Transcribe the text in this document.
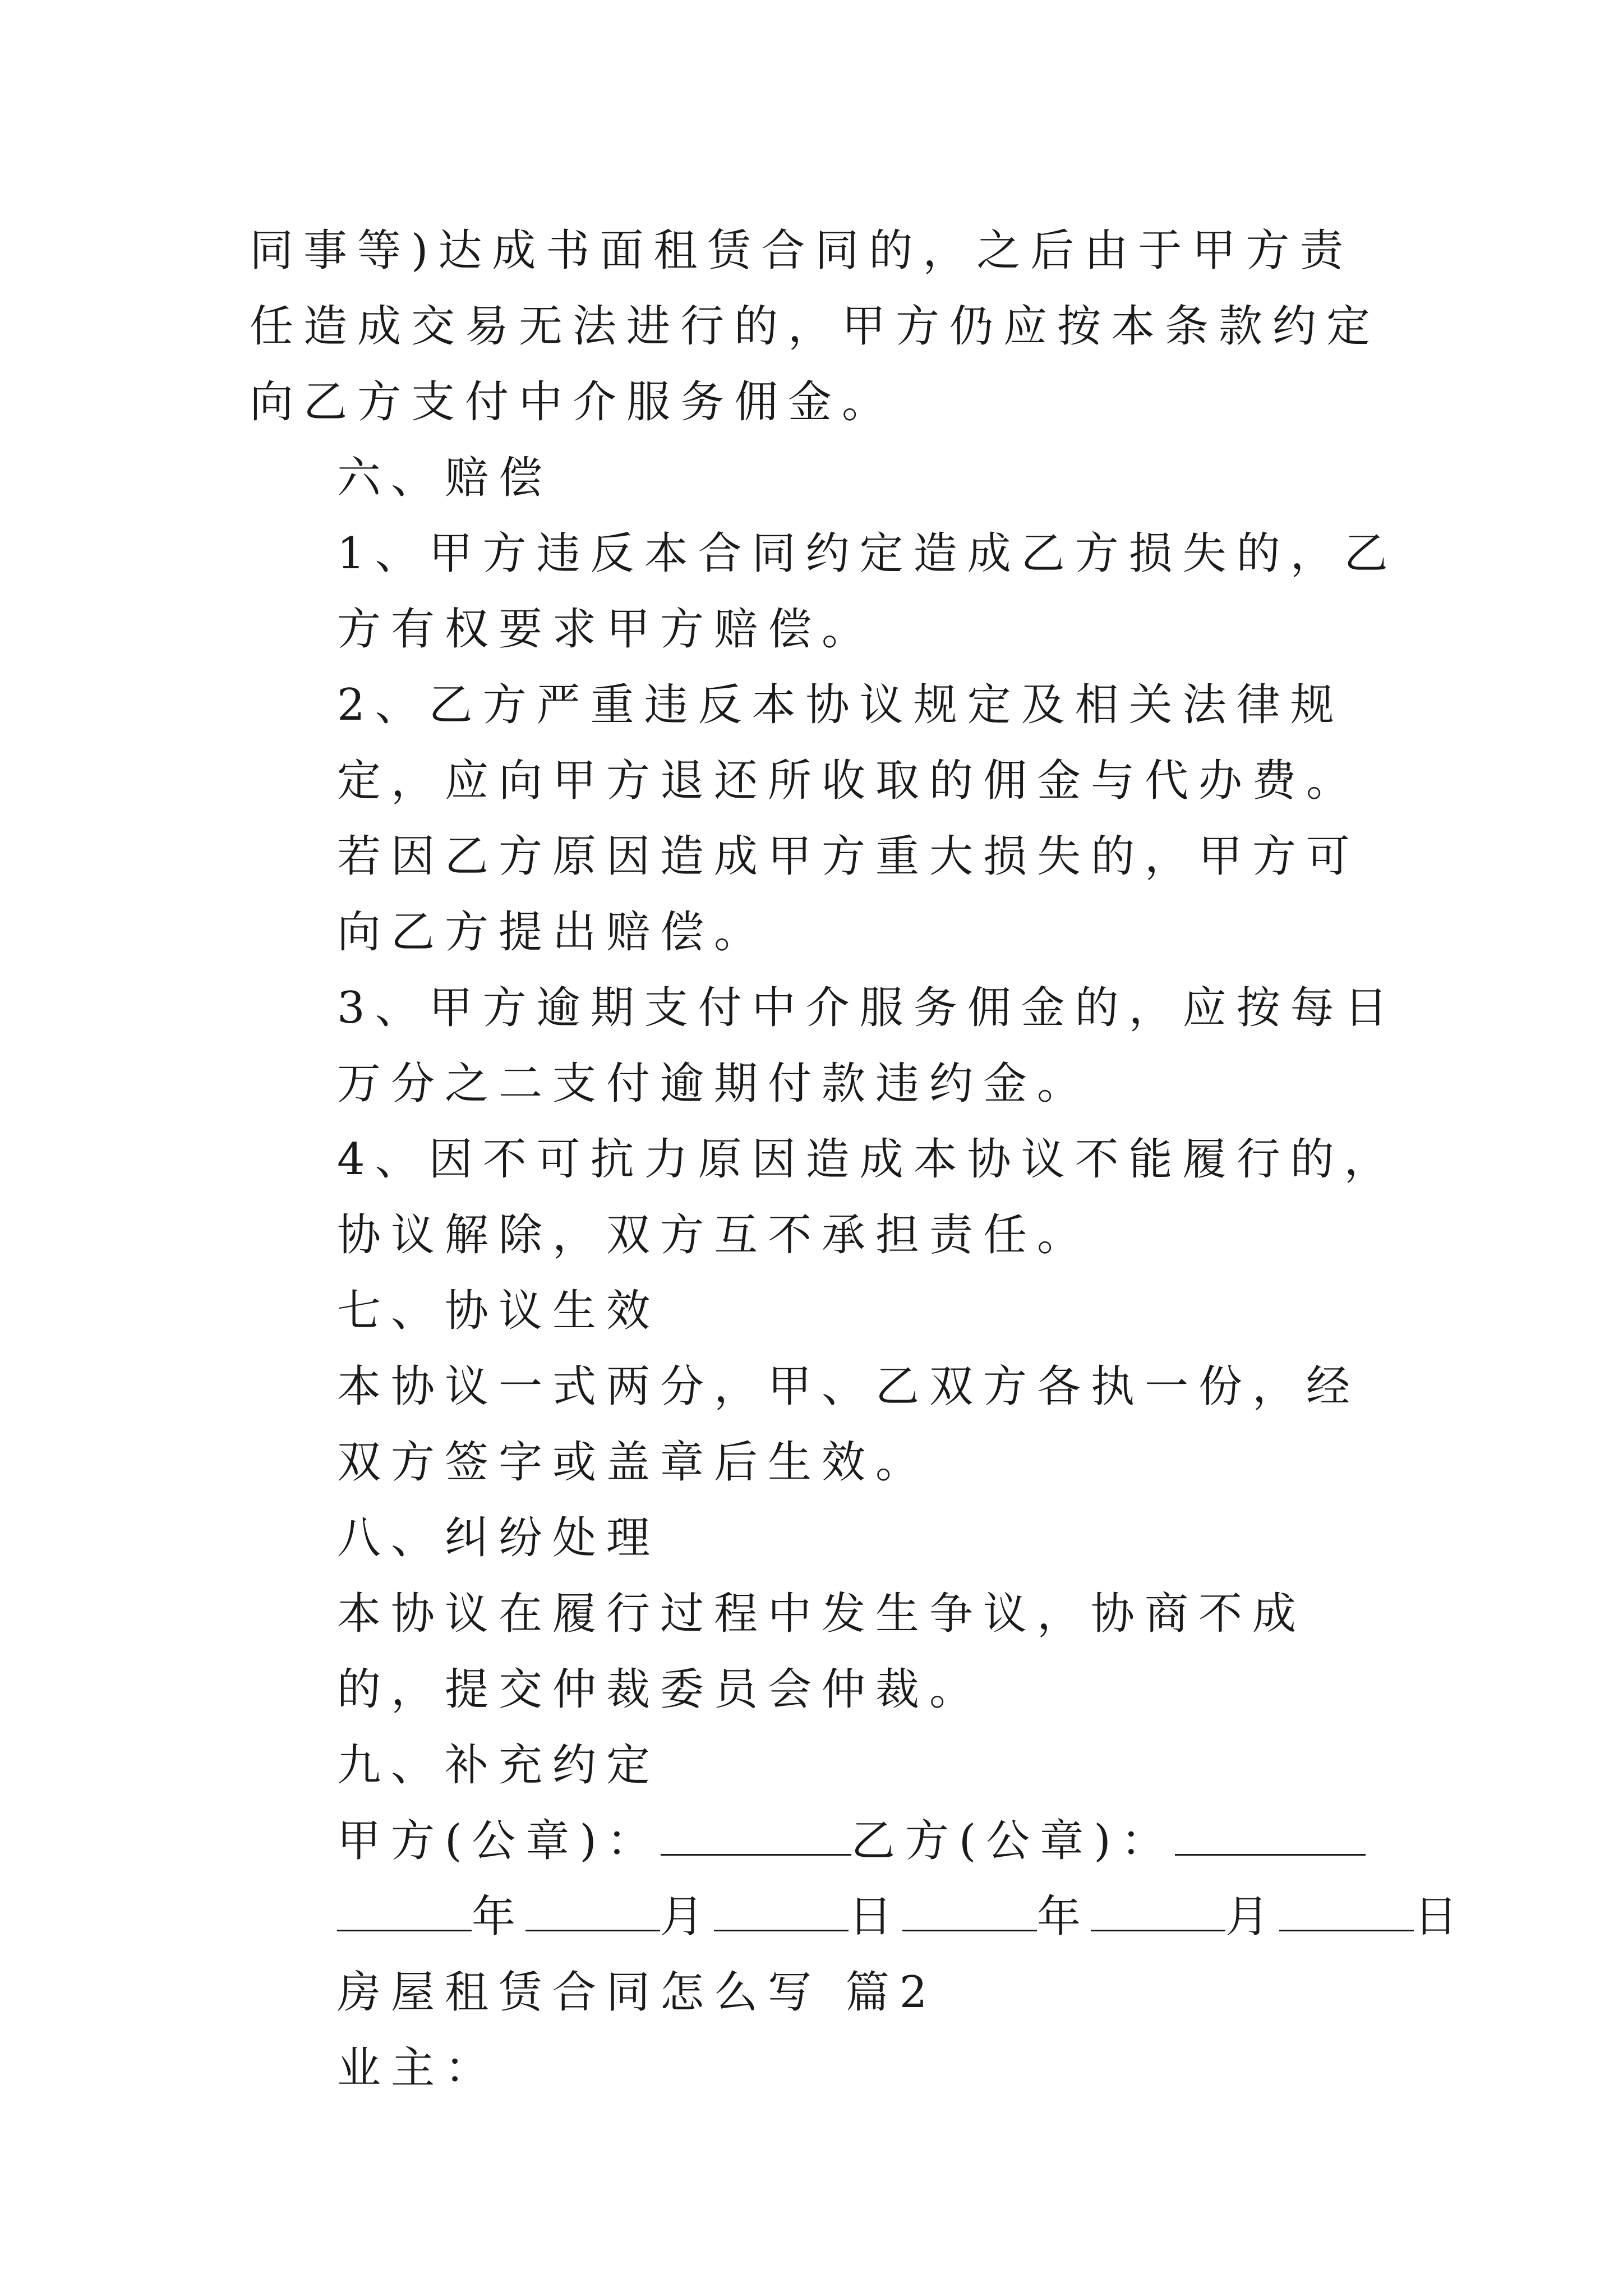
同事等)达成书面租赁合同的，之后由于甲方责任造成交易无法进行的，甲方仍应按本条款约定向乙方支付中介服务佣金。

六、赔偿

1、甲方违反本合同约定造成乙方损失的，乙方有权要求甲方赔偿。

2、乙方严重违反本协议规定及相关法律规定，应向甲方退还所收取的佣金与代办费。若因乙方原因造成甲方重大损失的，甲方可向乙方提出赔偿。

3、甲方逾期支付中介服务佣金的，应按每日万分之二支付逾期付款违约金。

4、因不可抗力原因造成本协议不能履行的，协议解除，双方互不承担责任。

七、协议生效

本协议一式两分，甲、乙双方各执一份，经双方签字或盖章后生效。

八、纠纷处理

本协议在履行过程中发生争议，协商不成的，提交仲裁委员会仲裁。

九、补充约定

甲方(公章)：	乙方(公章)：

年	月	日	年	月	日

房屋租赁合同怎么写 篇2

业主：
